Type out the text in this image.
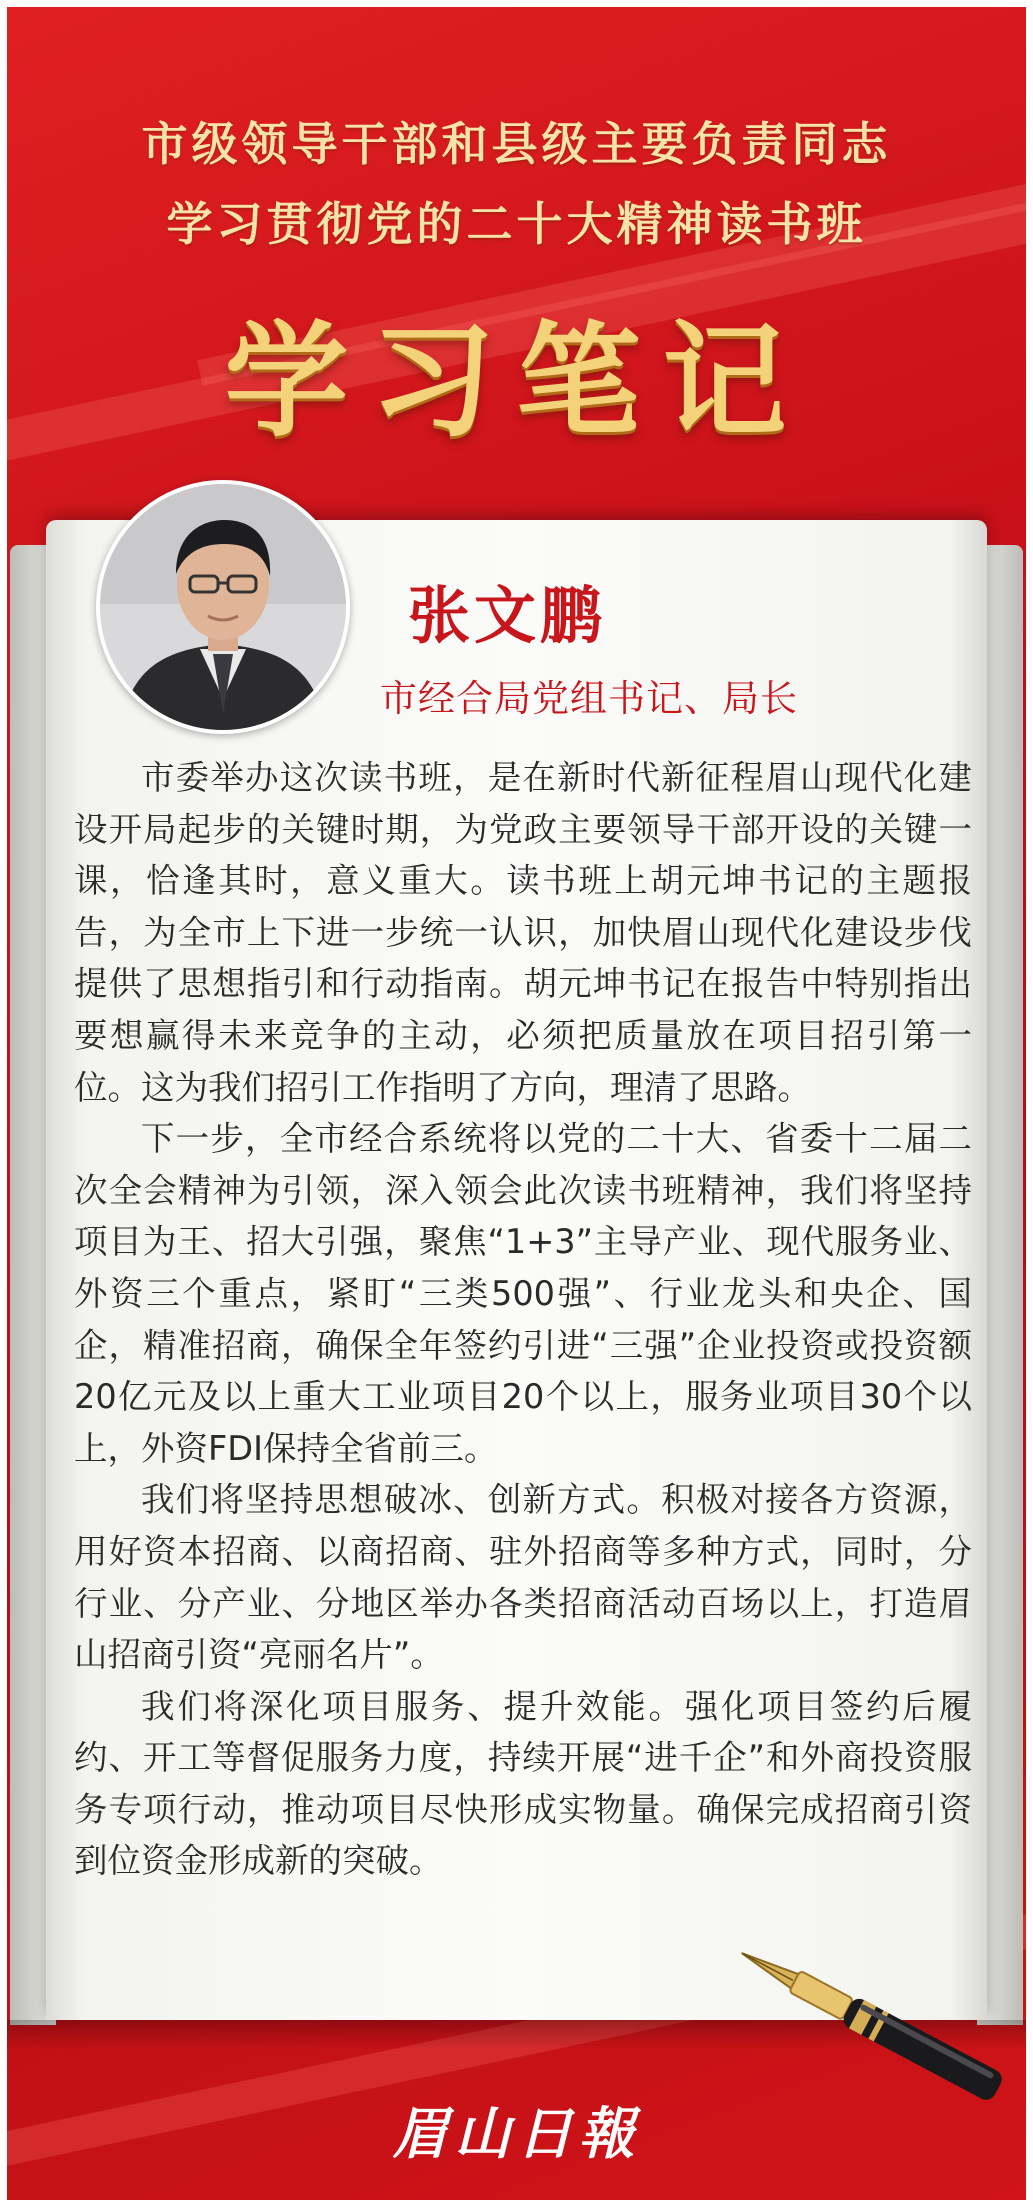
市级领导干部和县级主要负责同志
学习贯彻党的二十大精神读书班
学习笔记
张文鹏
市经合局党组书记、局长

市委举办这次读书班，是在新时代新征程眉山现代化建设开局起步的关键时期，为党政主要领导干部开设的关键一课，恰逢其时，意义重大。读书班上胡元坤书记的主题报告，为全市上下进一步统一认识，加快眉山现代化建设步伐提供了思想指引和行动指南。胡元坤书记在报告中特别指出要想赢得未来竞争的主动，必须把质量放在项目招引第一位。这为我们招引工作指明了方向，理清了思路。

下一步，全市经合系统将以党的二十大、省委十二届二次全会精神为引领，深入领会此次读书班精神，我们将坚持项目为王、招大引强，聚焦“1+3”主导产业、现代服务业、外资三个重点，紧盯“三类500强”、行业龙头和央企、国企，精准招商，确保全年签约引进“三强”企业投资或投资额20亿元及以上重大工业项目20个以上，服务业项目30个以上，外资FDI保持全省前三。

我们将坚持思想破冰、创新方式。积极对接各方资源，用好资本招商、以商招商、驻外招商等多种方式，同时，分行业、分产业、分地区举办各类招商活动百场以上，打造眉山招商引资“亮丽名片”。

我们将深化项目服务、提升效能。强化项目签约后履约、开工等督促服务力度，持续开展“进千企”和外商投资服务专项行动，推动项目尽快形成实物量。确保完成招商引资到位资金形成新的突破。

眉山日報
